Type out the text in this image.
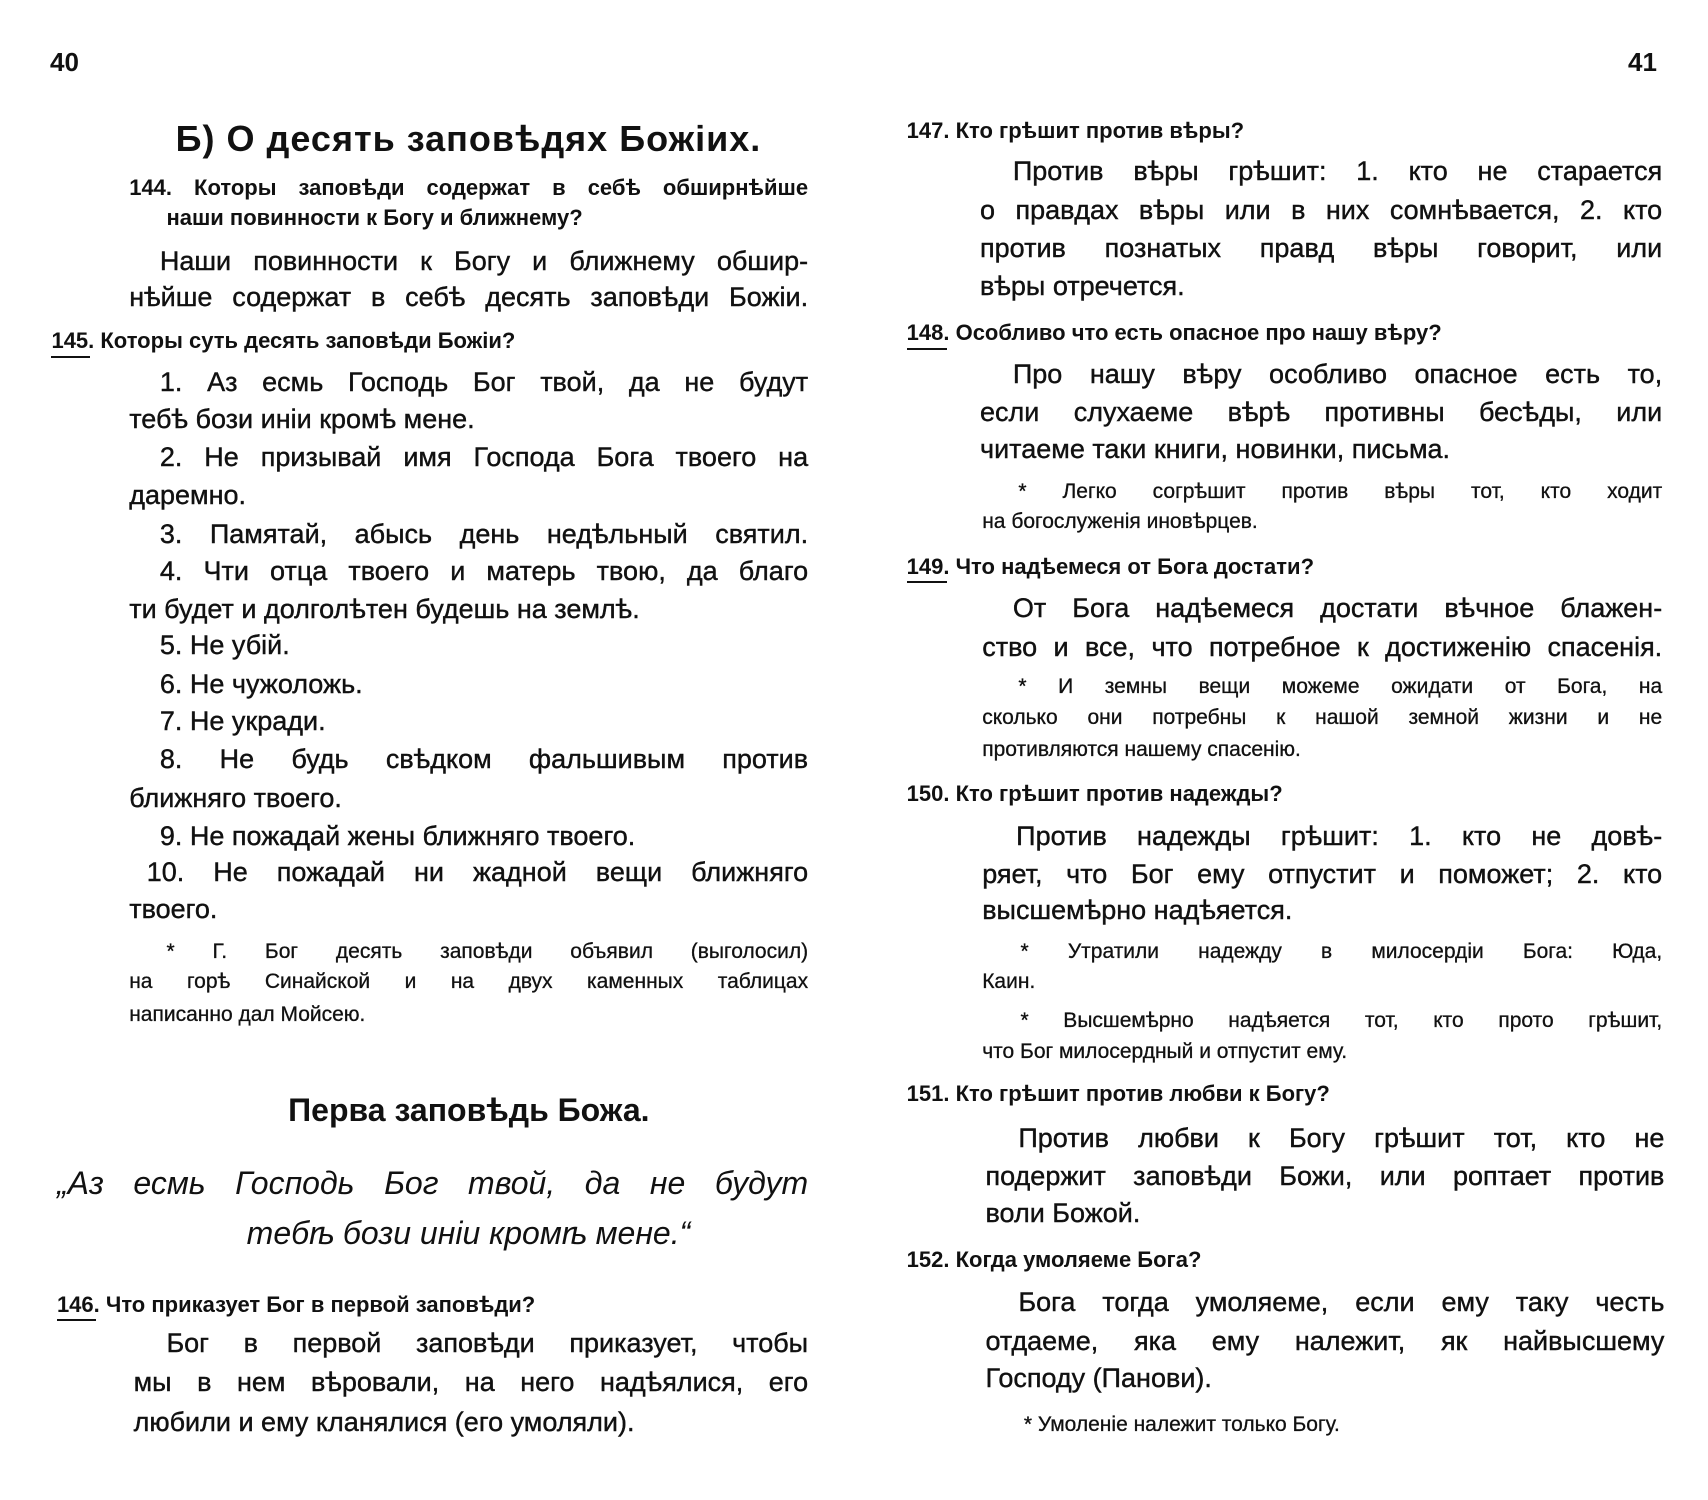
40	41
Б) О десять заповѣдях Божіих.
144. Которы заповѣди содержат в себѣ обширнѣйше
наши повинности к Богу и ближнему?
Наши повинности к Богу и ближнему обшир-
нѣйше содержат в себѣ десять заповѣди Божіи.
145. Которы суть десять заповѣди Божіи?
1. Аз есмь Господь Бог твой, да не будут
тебѣ бози иніи кромѣ мене.
2. Не призывай имя Господа Бога твоего на
даремно.
3. Памятай, абысь день недѣльный святил.
4. Чти отца твоего и матерь твою, да благо
ти будет и долголѣтен будешь на землѣ.
5. Не убій.
6. Не чужоложь.
7. Не укради.
8. Не будь свѣдком фальшивым против
ближняго твоего.
9. Не пожадай жены ближняго твоего.
10. Не пожадай ни жадной вещи ближняго
твоего.
* Г. Бог десять заповѣди объявил (выголосил)
на горѣ Синайской и на двух каменных таблицах
написанно дал Мойсею.
Перва заповѣдь Божа.
„Аз есмь Господь Бог твой, да не будут
тебѣ бози иніи кромѣ мене.“
146. Что приказует Бог в первой заповѣди?
Бог в первой заповѣди приказует, чтобы
мы в нем вѣровали, на него надѣялися, его
любили и ему кланялися (его умоляли).
147. Кто грѣшит против вѣры?
Против вѣры грѣшит: 1. кто не старается
о правдах вѣры или в них сомнѣвается, 2. кто
против познатых правд вѣры говорит, или
вѣры отречется.
148. Особливо что есть опасное про нашу вѣру?
Про нашу вѣру особливо опасное есть то,
если слухаеме вѣрѣ противны бесѣды, или
читаеме таки книги, новинки, письма.
* Легко согрѣшит против вѣры тот, кто ходит
на богослуженія иновѣрцев.
149. Что надѣемеся от Бога достати?
От Бога надѣемеся достати вѣчное блажен-
ство и все, что потребное к достиженію спасенія.
* И земны вещи можеме ожидати от Бога, на
сколько они потребны к нашой земной жизни и не
противляются нашему спасенію.
150. Кто грѣшит против надежды?
Против надежды грѣшит: 1. кто не довѣ-
ряет, что Бог ему отпустит и поможет; 2. кто
высшемѣрно надѣяется.
* Утратили надежду в милосердіи Бога: Юда,
Каин.
* Высшемѣрно надѣяется тот, кто прото грѣшит,
что Бог милосердный и отпустит ему.
151. Кто грѣшит против любви к Богу?
Против любви к Богу грѣшит тот, кто не
подержит заповѣди Божи, или роптает против
воли Божой.
152. Когда умоляеме Бога?
Бога тогда умоляеме, если ему таку честь
отдаеме, яка ему належит, як найвысшему
Господу (Панови).
* Умоленіе належит только Богу.
